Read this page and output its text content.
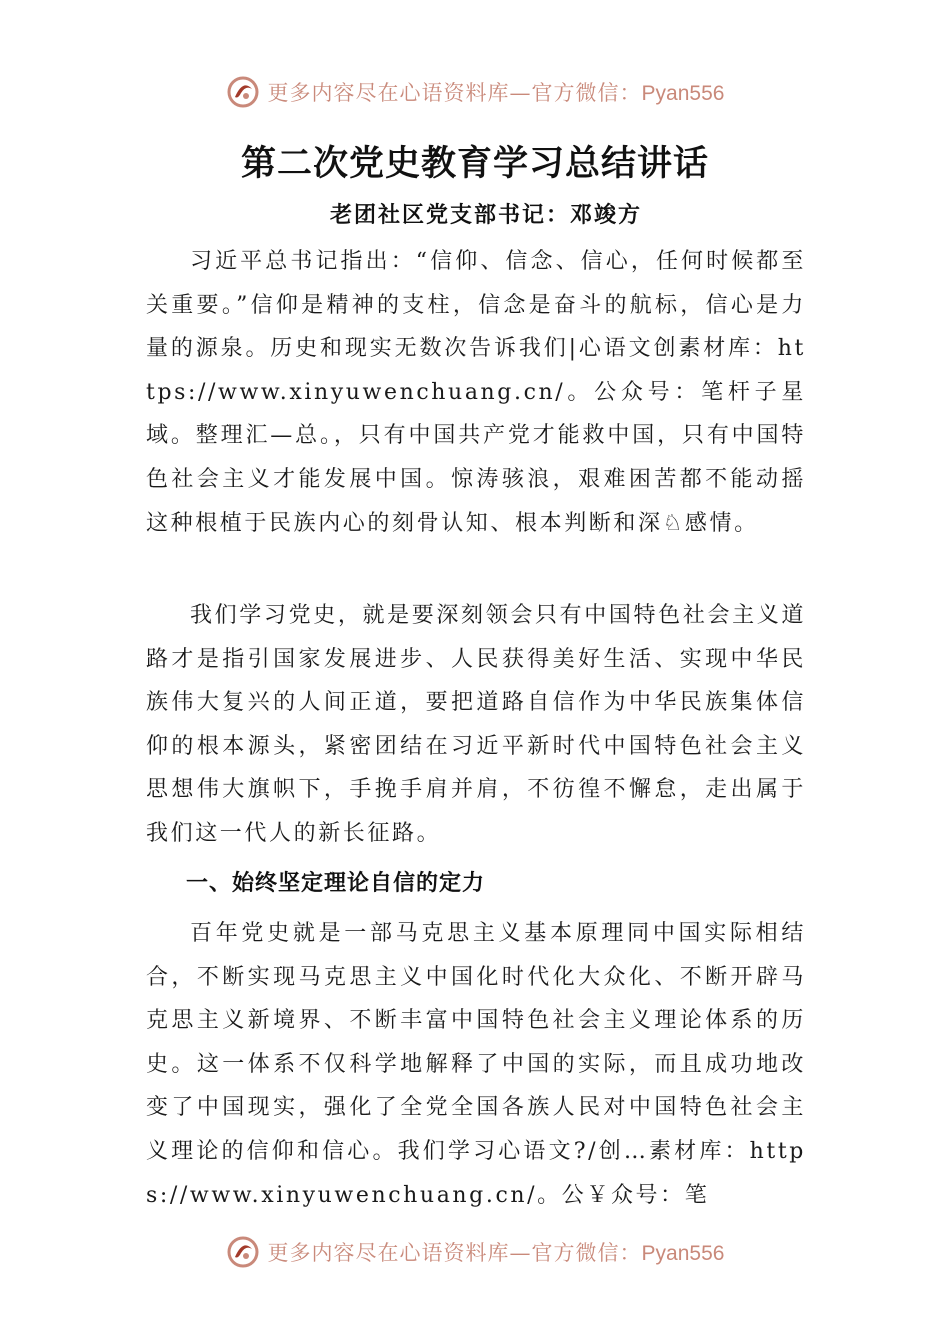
更多内容尽在心语资料库—官方微信：Pyan556
第二次党史教育学习总结讲话
老团社区党支部书记：邓竣方

习近平总书记指出：“信仰、信念、信心，任何时候都至关重要。”信仰是精神的支柱，信念是奋斗的航标，信心是力量的源泉。历史和现实无数次告诉我们|心语文创素材库：https://www.xinyuwenchuang.cn/。公众号：笔杆子星域。整理汇—总。，只有中国共产党才能救中国，只有中国特色社会主义才能发展中国。惊涛骇浪，艰难困苦都不能动摇这种根植于民族内心的刻骨认知、根本判断和深♘感情。

我们学习党史，就是要深刻领会只有中国特色社会主义道路才是指引国家发展进步、人民获得美好生活、实现中华民族伟大复兴的人间正道，要把道路自信作为中华民族集体信仰的根本源头，紧密团结在习近平新时代中国特色社会主义思想伟大旗帜下，手挽手肩并肩，不彷徨不懈怠，走出属于我们这一代人的新长征路。

一、始终坚定理论自信的定力

百年党史就是一部马克思主义基本原理同中国实际相结合，不断实现马克思主义中国化时代化大众化、不断开辟马克思主义新境界、不断丰富中国特色社会主义理论体系的历史。这一体系不仅科学地解释了中国的实际，而且成功地改变了中国现实，强化了全党全国各族人民对中国特色社会主义理论的信仰和信心。我们学习心语文?/创…素材库：https://www.xinyuwenchuang.cn/。公￥众号：笔

更多内容尽在心语资料库—官方微信：Pyan556
